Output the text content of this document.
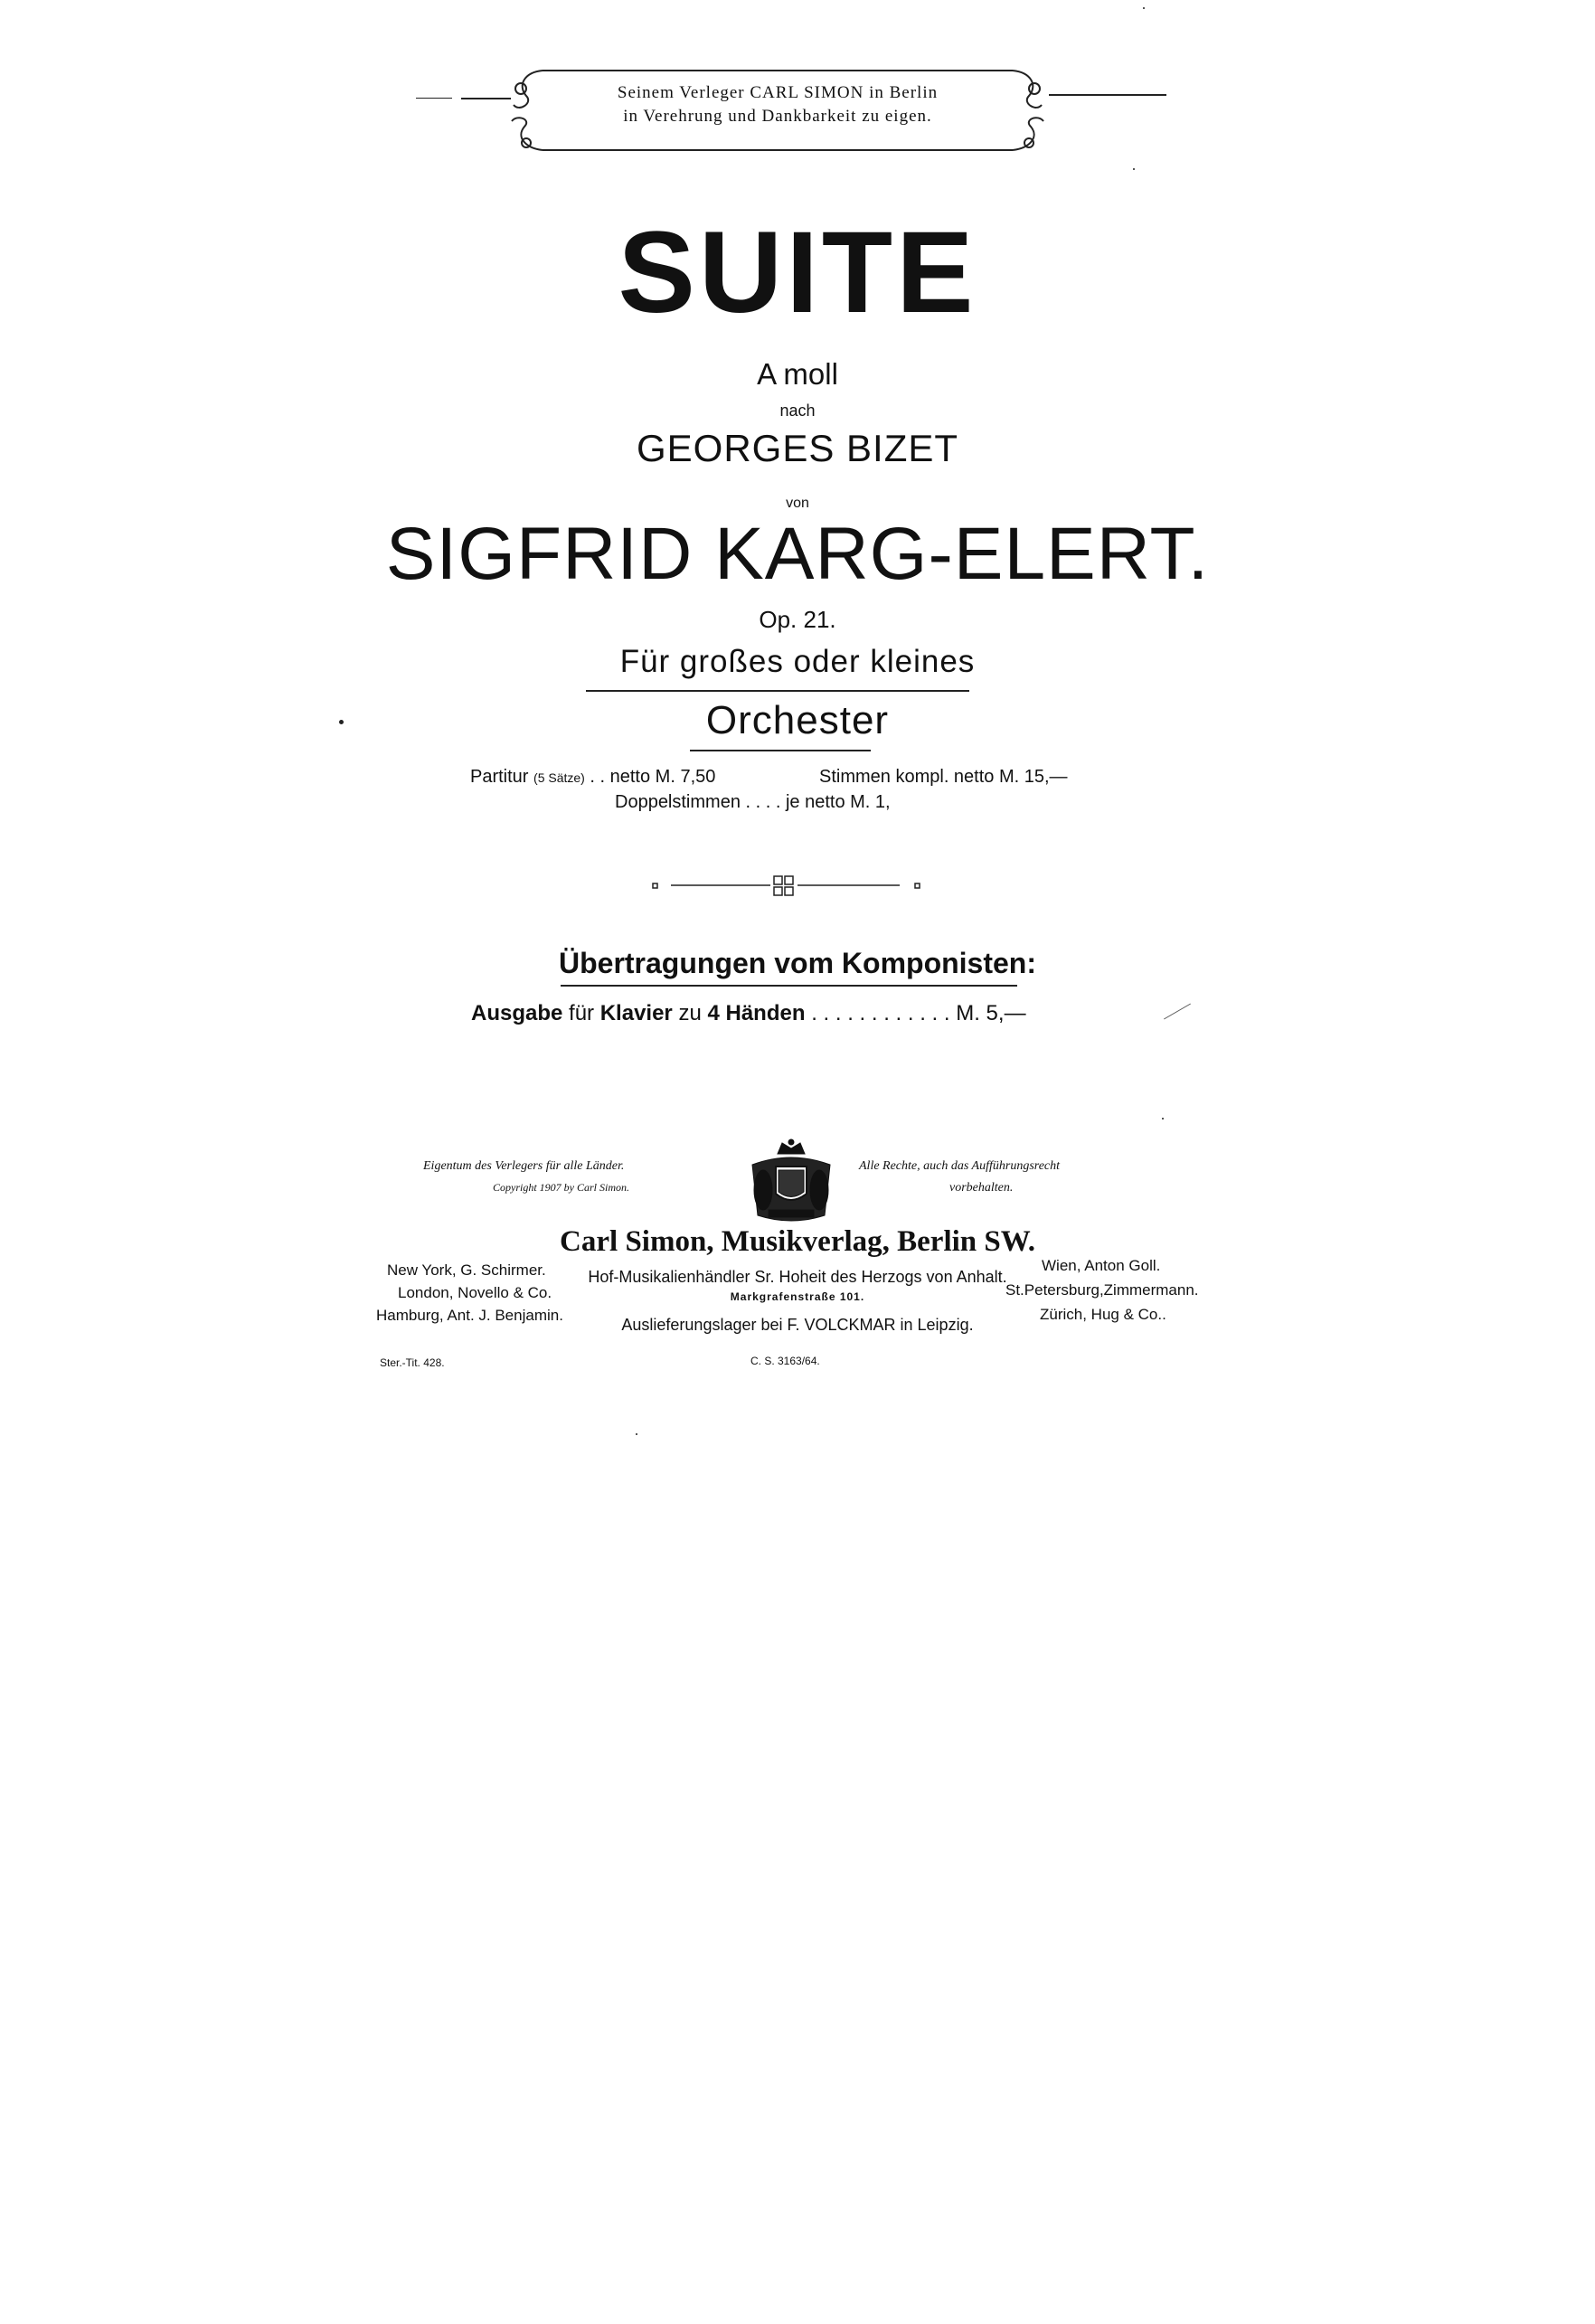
Seinem Verleger CARL SIMON in Berlin
in Verehrung und Dankbarkeit zu eigen.
SUITE
A moll
nach
GEORGES BIZET
von
SIGFRID KARG-ELERT.
Op. 21.
Für großes oder kleines
Orchester
Partitur (5 Sätze) . . netto M. 7,50	Stimmen kompl. netto M. 15,—
Doppelstimmen . . . . je netto M. 1,
Übertragungen vom Komponisten:
Ausgabe für Klavier zu 4 Händen . . . . . . . . . . . . M. 5,—
Eigentum des Verlegers für alle Länder.
Copyright 1907 by Carl Simon.
Alle Rechte, auch das Aufführungsrecht
vorbehalten.
Carl Simon, Musikverlag, Berlin SW.
Hof-Musikalienhändler Sr. Hoheit des Herzogs von Anhalt.
Markgrafenstraße 101.
Auslieferungslager bei F. VOLCKMAR in Leipzig.
New York, G. Schirmer.
London, Novello & Co.
Hamburg, Ant. J. Benjamin.
Wien, Anton Goll.
St.Petersburg,Zimmermann.
Zürich, Hug & Co..
Ster.-Tit. 428.	C. S. 3163/64.
